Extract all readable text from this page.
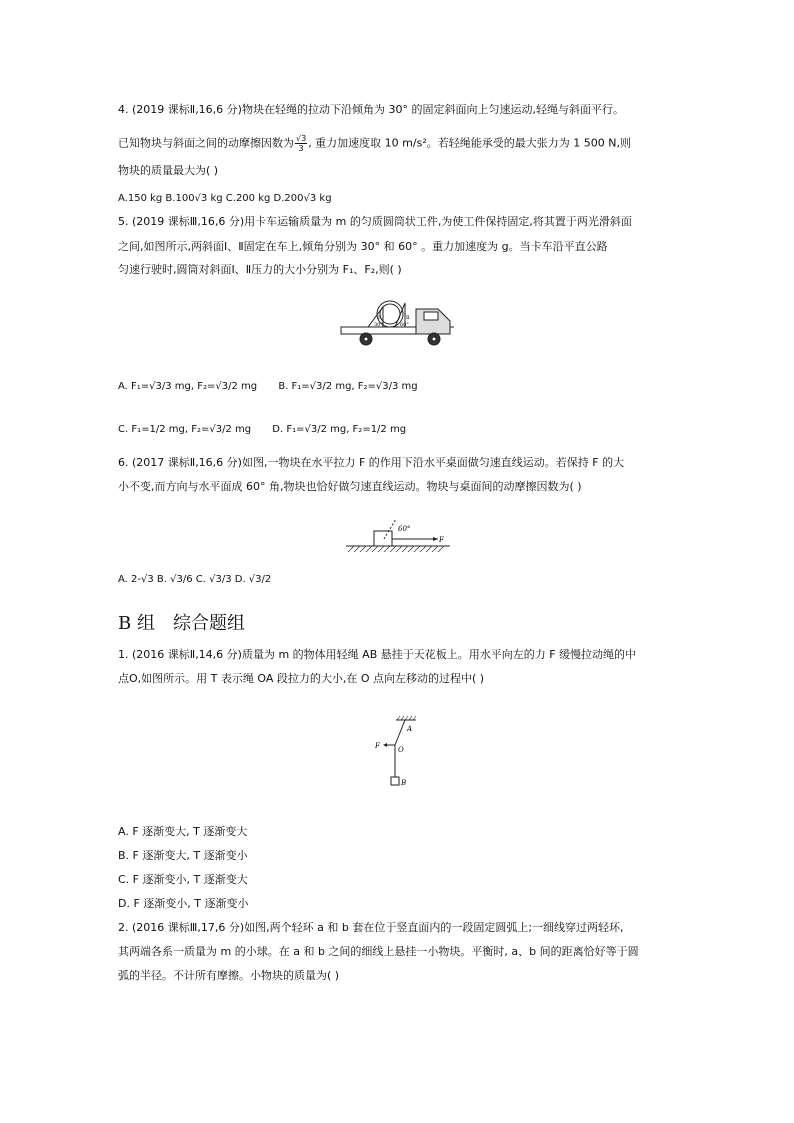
4. (2019 课标Ⅱ,16,6 分)物块在轻绳的拉动下沿倾角为 30° 的固定斜面向上匀速运动,轻绳与斜面平行。
已知物块与斜面之间的动摩擦因数为 $\frac{√3}{3}$ , 重力加速度取 10 m/s²。若轻绳能承受的最大张力为 1 500 N,则
物块的质量最大为( )
A.150 kg B.100√3 kg C.200 kg D.200√3 kg
5. (2019 课标Ⅲ,16,6 分)用卡车运输质量为 m 的匀质圆筒状工件,为使工件保持固定,将其置于两光滑斜面
之间,如图所示,两斜面Ⅰ、Ⅱ固定在车上,倾角分别为 30° 和 60° 。重力加速度为 g。当卡车沿平直公路
匀速行驶时,圆筒对斜面Ⅰ、Ⅱ压力的大小分别为 F₁、F₂,则( )
30°	60°
Ⅰ	Ⅱ
A. F₁=√3/3 mg, F₂=√3/2 mg B. F₁=√3/2 mg, F₂=√3/3 mg
C. F₁=1/2 mg, F₂=√3/2 mg D. F₁=√3/2 mg, F₂=1/2 mg
6. (2017 课标Ⅱ,16,6 分)如图,一物块在水平拉力 F 的作用下沿水平桌面做匀速直线运动。若保持 F 的大
小不变,而方向与水平面成 60° 角,物块也恰好做匀速直线运动。物块与桌面间的动摩擦因数为( )
60°
F
A. 2-√3 B. √3/6 C. √3/3 D. √3/2
B 组 综合题组
1. (2016 课标Ⅱ,14,6 分)质量为 m 的物体用轻绳 AB 悬挂于天花板上。用水平向左的力 F 缓慢拉动绳的中
点O,如图所示。用 T 表示绳 OA 段拉力的大小,在 O 点向左移动的过程中( )
A
O
F
B
A. F 逐渐变大, T 逐渐变大
B. F 逐渐变大, T 逐渐变小
C. F 逐渐变小, T 逐渐变大
D. F 逐渐变小, T 逐渐变小
2. (2016 课标Ⅲ,17,6 分)如图,两个轻环 a 和 b 套在位于竖直面内的一段固定圆弧上;一细线穿过两轻环,
其两端各系一质量为 m 的小球。在 a 和 b 之间的细线上悬挂一小物块。平衡时, a、b 间的距离恰好等于圆
弧的半径。不计所有摩擦。小物块的质量为( )
